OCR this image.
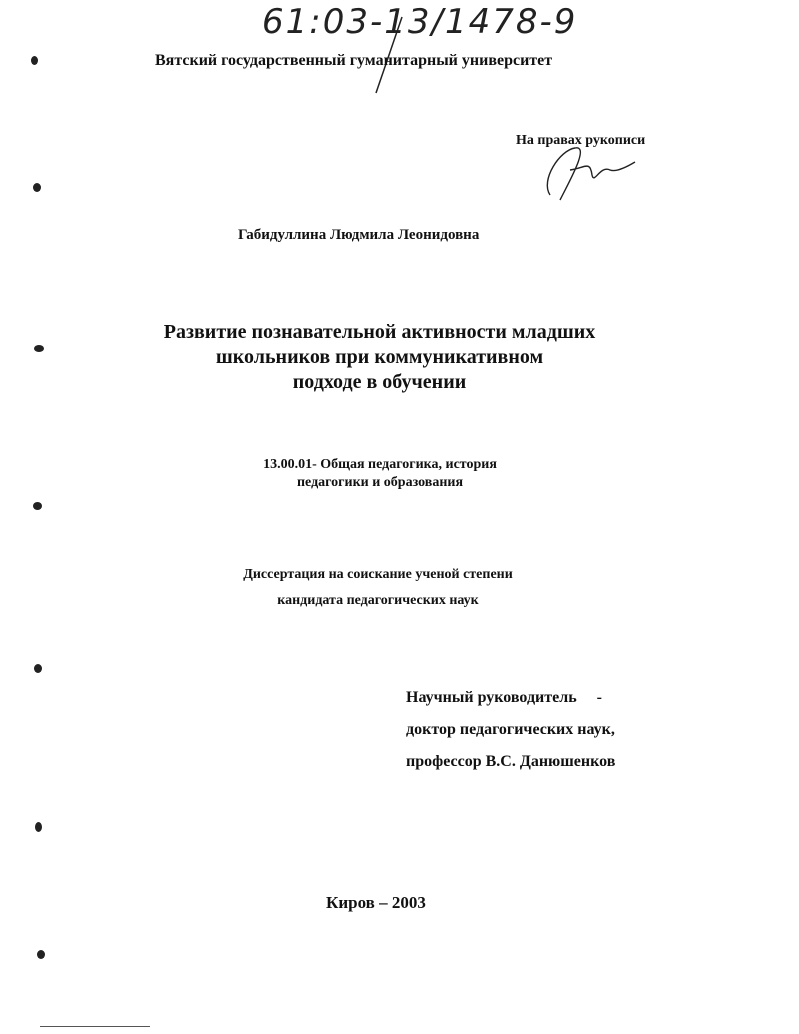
61:03-13/1478-9
Вятский государственный гуманитарный университет
На правах рукописи
Габидуллина Людмила Леонидовна
Развитие познавательной активности младших
школьников при коммуникативном
подходе в обучении
13.00.01- Общая педагогика, история
педагогики и образования
Диссертация на соискание ученой степени
кандидата педагогических наук
Научный руководитель     -
доктор педагогических наук,
профессор В.С. Данюшенков
Киров – 2003
